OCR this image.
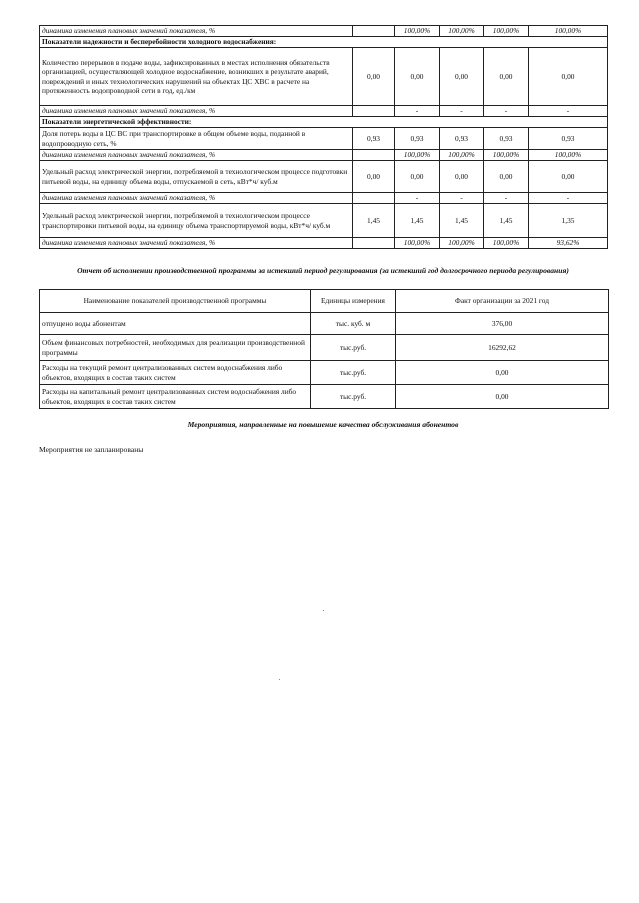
динамика изменения плановых значений показателя, %		100,00%	100,00%	100,00%	100,00%
Показатели надежности и бесперебойности холодного водоснабжения:					
Количество перерывов в подаче воды, зафиксированных в местах исполнения обязательств организацией, осуществляющей холодное водоснабжение, возникших в результате аварий, повреждений и иных технологических нарушений на объектах ЦС ХВС в расчете на протяженность водопроводной сети в год, ед./км	0,00	0,00	0,00	0,00	0,00
динамика изменения плановых значений показателя, %		-	-	-	-
Показатели энергетической эффективности:					
Доля потерь воды в ЦС ВС при транспортировке в общем объеме воды, поданной в водопроводную сеть, %	0,93	0,93	0,93	0,93	0,93
динамика изменения плановых значений показателя, %		100,00%	100,00%	100,00%	100,00%
Удельный расход электрической энергии, потребляемой в технологическом процессе подготовки питьевой воды, на единицу объема воды, отпускаемой в сеть, кВт*ч/ куб.м	0,00	0,00	0,00	0,00	0,00
динамика изменения плановых значений показателя, %		-	-	-	-
Удельный расход электрической энергии, потребляемой в технологическом процессе транспортировки питьевой воды, на единицу объема транспортируемой воды, кВт*ч/ куб.м	1,45	1,45	1,45	1,45	1,35
динамика изменения плановых значений показателя, %		100,00%	100,00%	100,00%	93,62%
Отчет об исполнении производственной программы за истекший период регулирования (за истекший год долгосрочного периода регулирования)
Наименование показателей производственной программы	Единицы измерения	Факт организации за 2021 год
отпущено воды абонентам	тыс. куб. м	376,00
Объем финансовых потребностей, необходимых для реализации производственной программы	тыс.руб.	16292,62
Расходы на текущий ремонт централизованных систем водоснабжения либо объектов, входящих в состав таких систем	тыс.руб.	0,00
Расходы на капитальный ремонт централизованных систем водоснабжения либо объектов, входящих в состав таких систем	тыс.руб.	0,00
Мероприятия, направленные на повышение качества обслуживания абонентов
Мероприятия не запланированы
